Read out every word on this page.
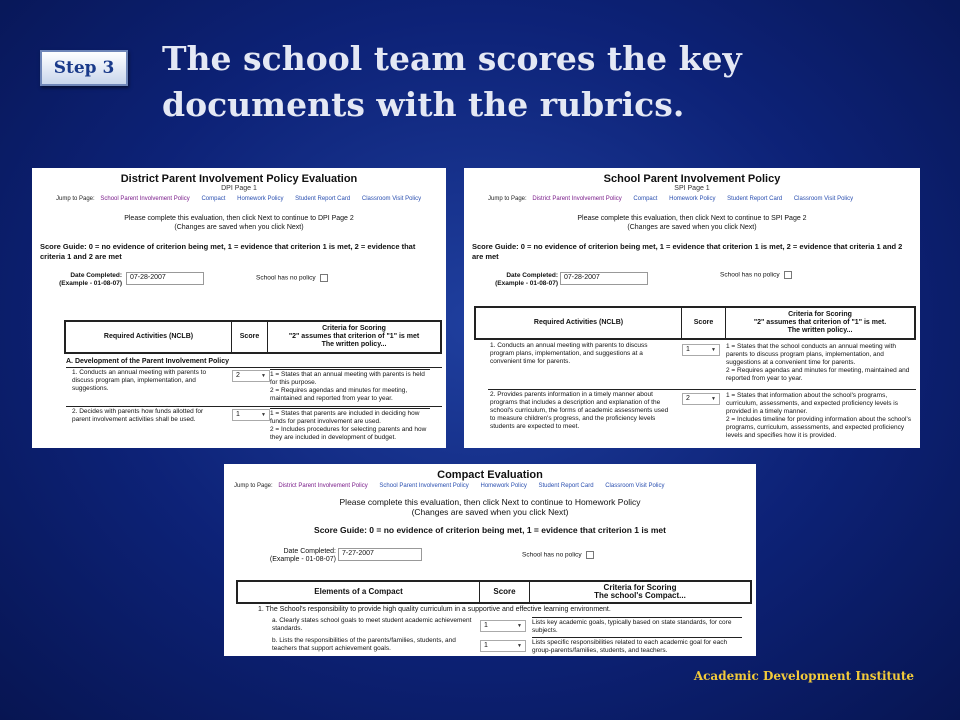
Step 3	The school team scores the key documents with the rubrics.
Academic Development Institute
District Parent Involvement Policy Evaluation
DPI Page 1
Jump to Page: School Parent Involvement Policy Compact Homework Policy Student Report Card Classroom Visit Policy
Please complete this evaluation, then click Next to continue to DPI Page 2
(Changes are saved when you click Next)
Score Guide: 0 = no evidence of criterion being met, 1 = evidence that criterion 1 is met, 2 = evidence that criteria 1 and 2 are met
Date Completed:
(Example - 01-08-07)
07-28-2007	School has no policy
Required Activities (NCLB)	Score
Criteria for Scoring
"2" assumes that criterion of "1" is met
The written policy...
A. Development of the Parent Involvement Policy
1. Conducts an annual meeting with parents to discuss program plan, implementation, and suggestions.
2	▼ 1 = States that an annual meeting with parents is held for this purpose.
2 = Requires agendas and minutes for meeting, maintained and reported from year to year.
2. Decides with parents how funds allotted for parent involvement activities shall be used.
1	▼ 1 = States that parents are included in deciding how funds for parent involvement are used.
2 = Includes procedures for selecting parents and how they are included in development of budget.
School Parent Involvement Policy
SPI Page 1
Jump to Page: District Parent Involvement Policy Compact Homework Policy Student Report Card Classroom Visit Policy
Please complete this evaluation, then click Next to continue to SPI Page 2
(Changes are saved when you click Next)
Score Guide: 0 = no evidence of criterion being met, 1 = evidence that criterion 1 is met, 2 = evidence that criteria 1 and 2 are met
Date Completed:
(Example - 01-08-07)
07-28-2007	School has no policy
Required Activities (NCLB)	Score
Criteria for Scoring
"2" assumes that criterion of "1" is met.
The written policy...
1. Conducts an annual meeting with parents to discuss program plans, implementation, and suggestions at a convenient time for parents.
1	▼ 1 = States that the school conducts an annual meeting with parents to discuss program plans, implementation, and suggestions at a convenient time for parents.
2 = Requires agendas and minutes for meeting, maintained and reported from year to year.
2. Provides parents information in a timely manner about programs that includes a description and explanation of the school's curriculum, the forms of academic assessments used to measure children's progress, and the proficiency levels students are expected to meet.
2	▼ 1 = States that information about the school's programs, curriculum, assessments, and expected proficiency levels is provided in a timely manner.
2 = Includes timeline for providing information about the school's programs, curriculum, assessments, and expected proficiency levels and specifies how it is provided.
Compact Evaluation
Jump to Page: District Parent Involvement Policy School Parent Involvement Policy Homework Policy Student Report Card Classroom Visit Policy
Please complete this evaluation, then click Next to continue to Homework Policy
(Changes are saved when you click Next)
Score Guide: 0 = no evidence of criterion being met, 1 = evidence that criterion 1 is met
Date Completed:
(Example - 01-08-07)
7-27-2007	School has no policy
Elements of a Compact	Score	Criteria for Scoring
The school's Compact...
1. The School's responsibility to provide high quality curriculum in a supportive and effective learning environment.
a. Clearly states school goals to meet student academic achievement standards.	1	▼ Lists key academic goals, typically based on state standards, for core subjects.
b. Lists the responsibilities of the parents/families, students, and teachers that support achievement goals.	1	▼ Lists specific responsibilities related to each academic goal for each group-parents/families, students, and teachers.
